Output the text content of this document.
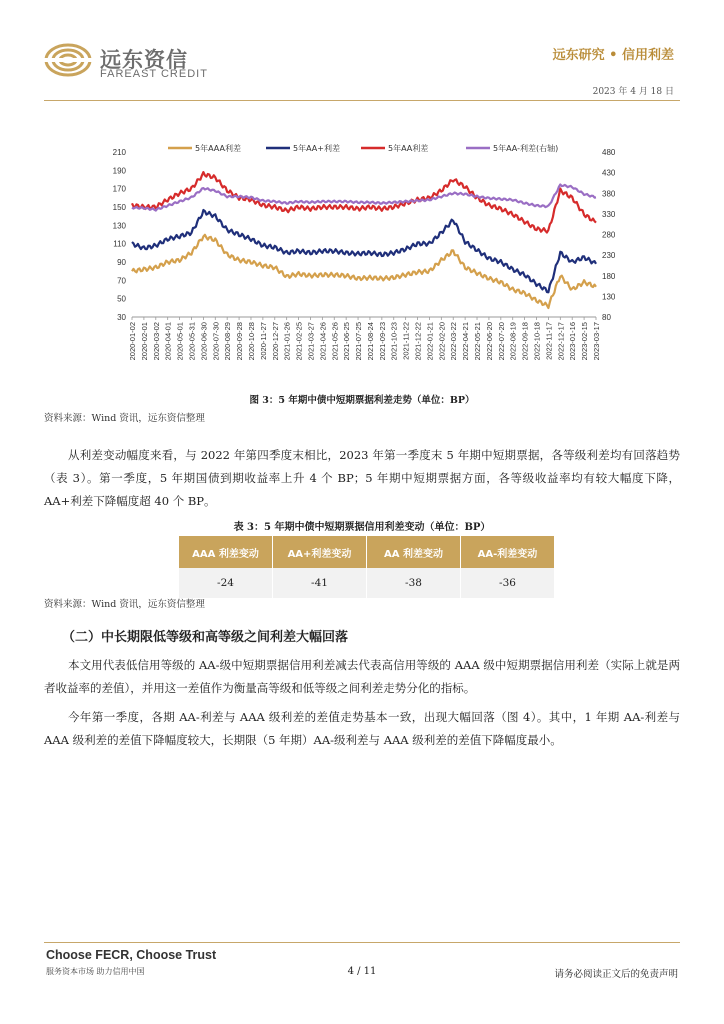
远东资信
FAREAST CREDIT
远东研究 • 信用利差
2023 年 4 月 18 日
30
50
70
90
110
130
150
170
190
210
80
130
180
230
280
330
380
430
480
2020-01-02 2020-02-01 2020-03-02 2020-04-01 2020-05-01 2020-05-31 2020-06-30 2020-07-30 2020-08-29 2020-09-28 2020-10-28 2020-11-27 2020-12-27 2021-01-26 2021-02-25 2021-03-27 2021-04-26 2021-05-26 2021-06-25 2021-07-25 2021-08-24 2021-09-23 2021-10-23 2021-11-22 2021-12-22 2022-01-21 2022-02-20 2022-03-22 2022-04-21 2022-05-21 2022-06-20 2022-07-20 2022-08-19 2022-09-18 2022-10-18 2022-11-17 2022-12-17 2023-01-16 2023-02-15 2023-03-17
5年AAA利差	5年AA+利差	5年AA利差	5年AA-利差(右轴)
图 3：5 年期中债中短期票据利差走势（单位：BP）
资料来源：Wind 资讯，远东资信整理
从利差变动幅度来看，与 2022 年第四季度末相比，2023 年第一季度末 5 年期中短期票据，各等级利差均有回落趋势（表 3）。第一季度，5 年期国债到期收益率上升 4 个 BP；5 年期中短期票据方面，各等级收益率均有较大幅度下降，AA+利差下降幅度超 40 个 BP。
表 3：5 年期中债中短期票据信用利差变动（单位：BP）
AAA 利差变动	AA+利差变动	AA 利差变动	AA-利差变动
-24	-41	-38	-36
资料来源：Wind 资讯，远东资信整理
（二）中长期限低等级和高等级之间利差大幅回落
本文用代表低信用等级的 AA-级中短期票据信用利差减去代表高信用等级的 AAA 级中短期票据信用利差（实际上就是两者收益率的差值），并用这一差值作为衡量高等级和低等级之间利差走势分化的指标。
今年第一季度，各期 AA-利差与 AAA 级利差的差值走势基本一致，出现大幅回落（图 4）。其中，1 年期 AA-利差与 AAA 级利差的差值下降幅度较大，长期限（5 年期）AA-级利差与 AAA 级利差的差值下降幅度最小。
Choose FECR, Choose Trust
服务资本市场 助力信用中国	4 / 11	请务必阅读正文后的免责声明
